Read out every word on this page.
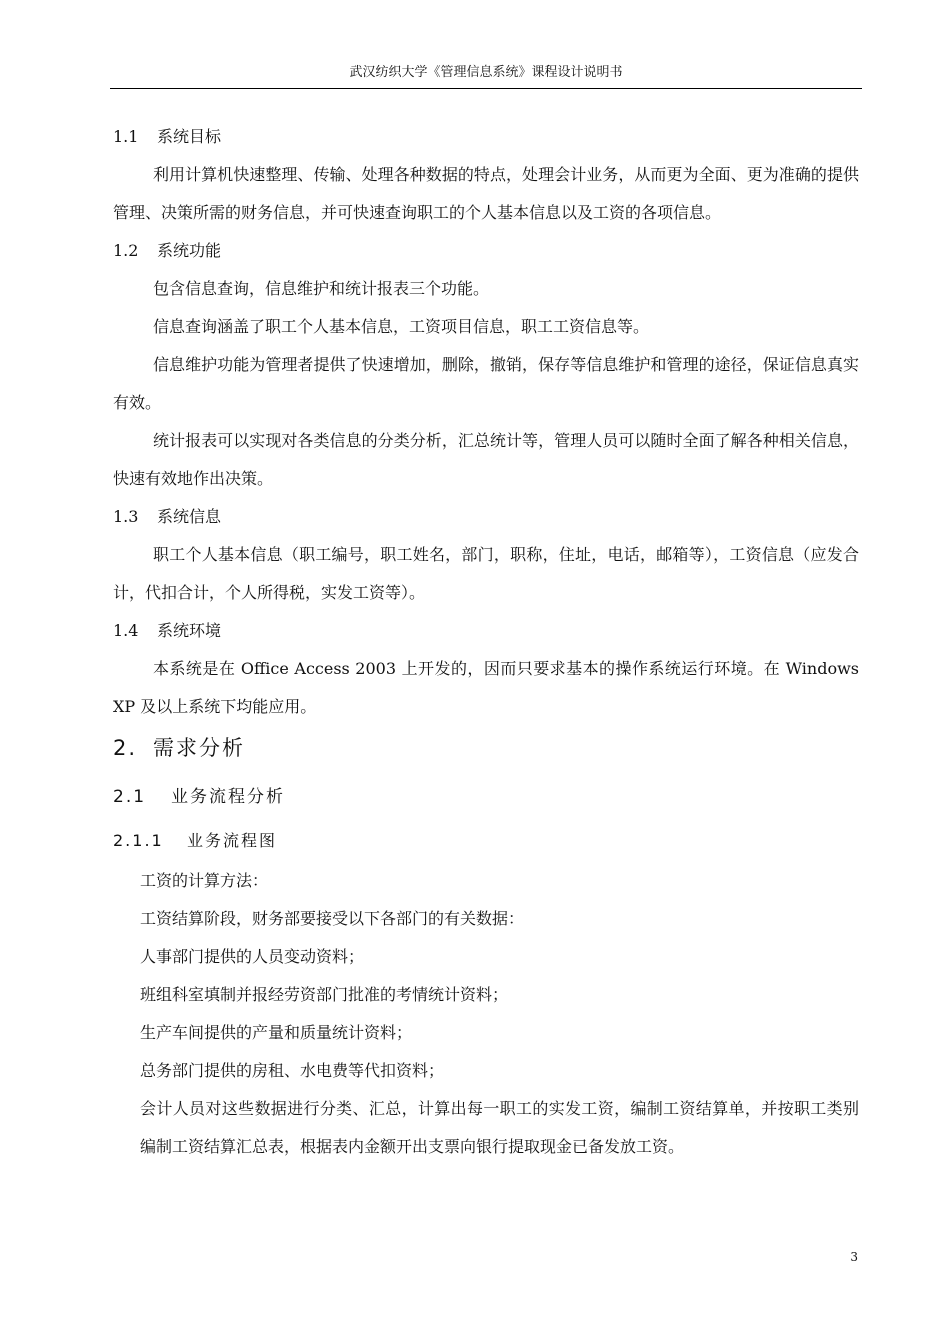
武汉纺织大学《管理信息系统》课程设计说明书
1.1 系统目标
利用计算机快速整理、传输、处理各种数据的特点，处理会计业务，从而更为全面、更为准确的提供管理、决策所需的财务信息，并可快速查询职工的个人基本信息以及工资的各项信息。
1.2 系统功能
包含信息查询，信息维护和统计报表三个功能。
信息查询涵盖了职工个人基本信息，工资项目信息，职工工资信息等。
信息维护功能为管理者提供了快速增加，删除，撤销，保存等信息维护和管理的途径，保证信息真实有效。
统计报表可以实现对各类信息的分类分析，汇总统计等，管理人员可以随时全面了解各种相关信息，快速有效地作出决策。
1.3 系统信息
职工个人基本信息（职工编号，职工姓名，部门，职称，住址，电话，邮箱等），工资信息（应发合计，代扣合计，个人所得税，实发工资等）。
1.4 系统环境
本系统是在 Office Access 2003 上开发的，因而只要求基本的操作系统运行环境。在 Windows XP 及以上系统下均能应用。
2. 需求分析
2.1 业务流程分析
2.1.1 业务流程图
工资的计算方法：
工资结算阶段，财务部要接受以下各部门的有关数据：
人事部门提供的人员变动资料；
班组科室填制并报经劳资部门批准的考情统计资料；
生产车间提供的产量和质量统计资料；
总务部门提供的房租、水电费等代扣资料；
会计人员对这些数据进行分类、汇总，计算出每一职工的实发工资，编制工资结算单，并按职工类别编制工资结算汇总表，根据表内金额开出支票向银行提取现金已备发放工资。
3
